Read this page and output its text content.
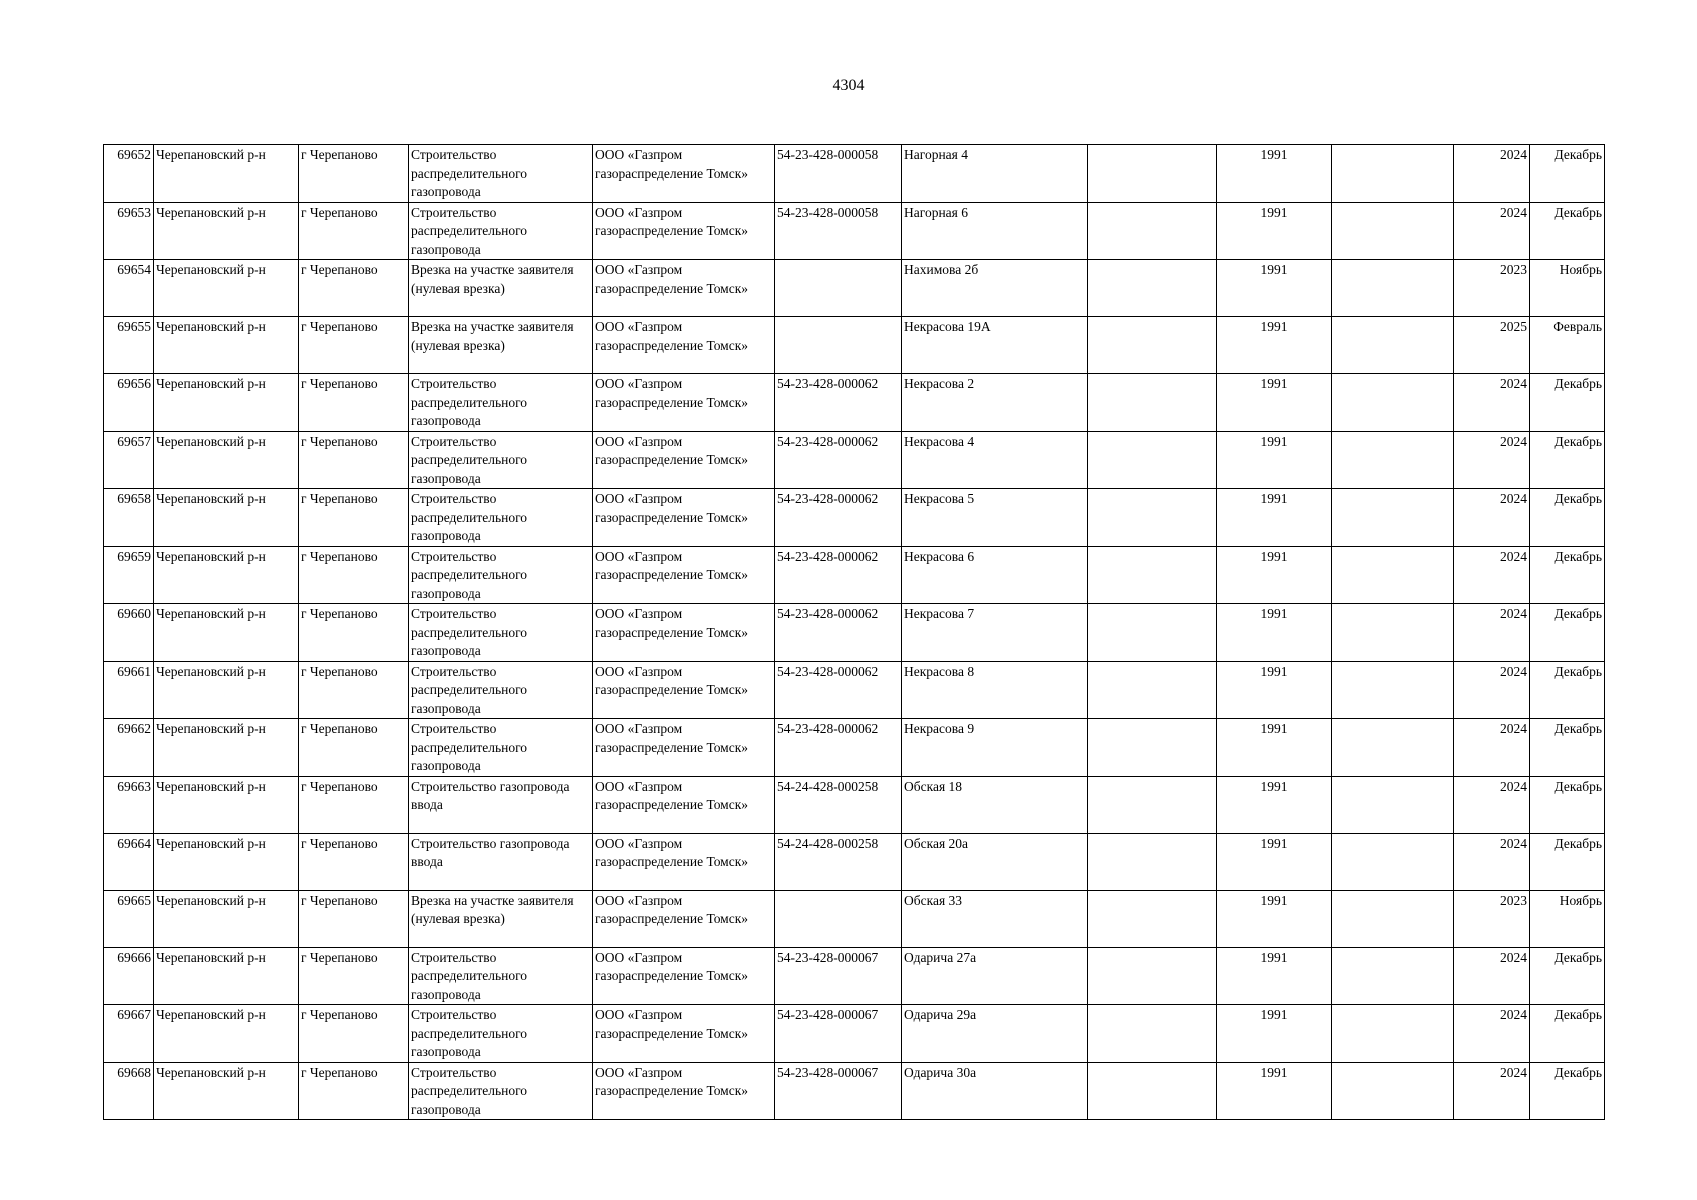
4304
69652	Черепановский р-н	г Черепаново	Строительство распределительного газопровода	ООО «Газпром газораспределение Томск»	54-23-428-000058	Нагорная 4		1991		2024	Декабрь
69653	Черепановский р-н	г Черепаново	Строительство распределительного газопровода	ООО «Газпром газораспределение Томск»	54-23-428-000058	Нагорная 6		1991		2024	Декабрь
69654	Черепановский р-н	г Черепаново	Врезка на участке заявителя (нулевая врезка)	ООО «Газпром газораспределение Томск»		Нахимова 2б		1991		2023	Ноябрь
69655	Черепановский р-н	г Черепаново	Врезка на участке заявителя (нулевая врезка)	ООО «Газпром газораспределение Томск»		Некрасова 19А		1991		2025	Февраль
69656	Черепановский р-н	г Черепаново	Строительство распределительного газопровода	ООО «Газпром газораспределение Томск»	54-23-428-000062	Некрасова 2		1991		2024	Декабрь
69657	Черепановский р-н	г Черепаново	Строительство распределительного газопровода	ООО «Газпром газораспределение Томск»	54-23-428-000062	Некрасова 4		1991		2024	Декабрь
69658	Черепановский р-н	г Черепаново	Строительство распределительного газопровода	ООО «Газпром газораспределение Томск»	54-23-428-000062	Некрасова 5		1991		2024	Декабрь
69659	Черепановский р-н	г Черепаново	Строительство распределительного газопровода	ООО «Газпром газораспределение Томск»	54-23-428-000062	Некрасова 6		1991		2024	Декабрь
69660	Черепановский р-н	г Черепаново	Строительство распределительного газопровода	ООО «Газпром газораспределение Томск»	54-23-428-000062	Некрасова 7		1991		2024	Декабрь
69661	Черепановский р-н	г Черепаново	Строительство распределительного газопровода	ООО «Газпром газораспределение Томск»	54-23-428-000062	Некрасова 8		1991		2024	Декабрь
69662	Черепановский р-н	г Черепаново	Строительство распределительного газопровода	ООО «Газпром газораспределение Томск»	54-23-428-000062	Некрасова 9		1991		2024	Декабрь
69663	Черепановский р-н	г Черепаново	Строительство газопровода ввода	ООО «Газпром газораспределение Томск»	54-24-428-000258	Обская 18		1991		2024	Декабрь
69664	Черепановский р-н	г Черепаново	Строительство газопровода ввода	ООО «Газпром газораспределение Томск»	54-24-428-000258	Обская 20а		1991		2024	Декабрь
69665	Черепановский р-н	г Черепаново	Врезка на участке заявителя (нулевая врезка)	ООО «Газпром газораспределение Томск»		Обская 33		1991		2023	Ноябрь
69666	Черепановский р-н	г Черепаново	Строительство распределительного газопровода	ООО «Газпром газораспределение Томск»	54-23-428-000067	Одарича 27а		1991		2024	Декабрь
69667	Черепановский р-н	г Черепаново	Строительство распределительного газопровода	ООО «Газпром газораспределение Томск»	54-23-428-000067	Одарича 29а		1991		2024	Декабрь
69668	Черепановский р-н	г Черепаново	Строительство распределительного газопровода	ООО «Газпром газораспределение Томск»	54-23-428-000067	Одарича 30а		1991		2024	Декабрь
